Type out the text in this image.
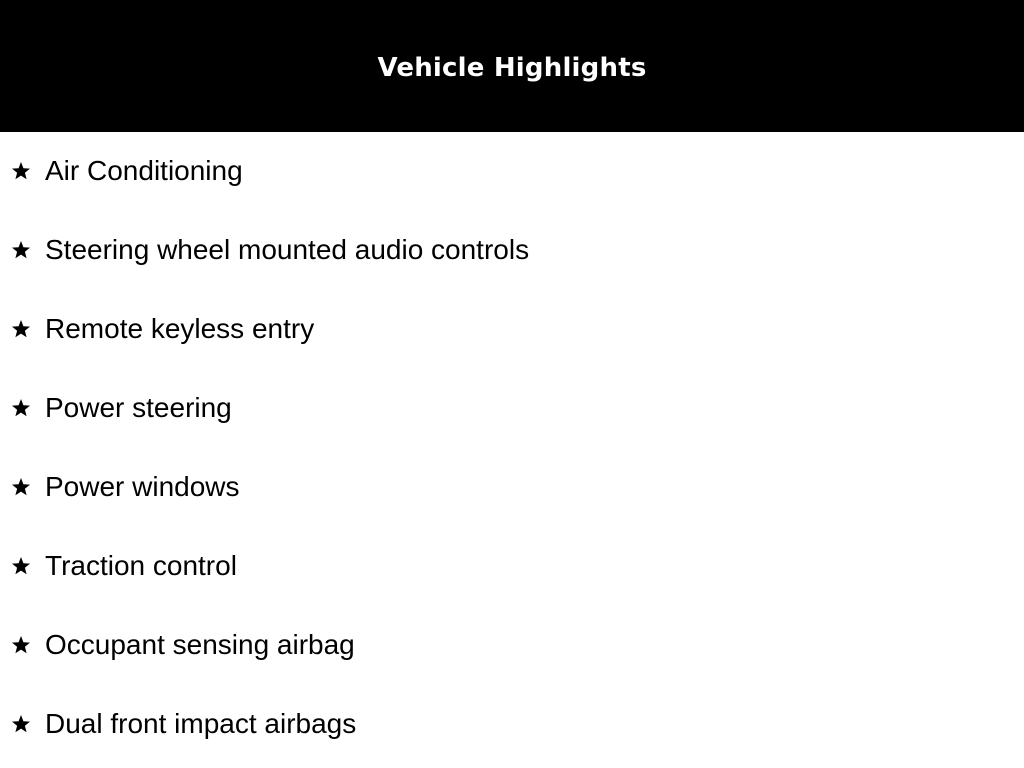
Vehicle Highlights
Air Conditioning
Steering wheel mounted audio controls
Remote keyless entry
Power steering
Power windows
Traction control
Occupant sensing airbag
Dual front impact airbags
